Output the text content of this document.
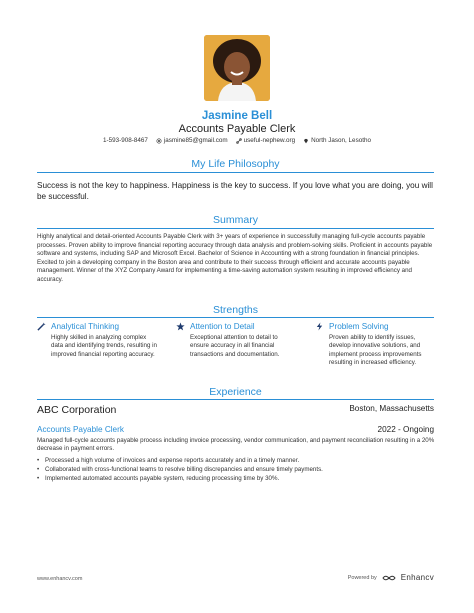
Jasmine Bell
Accounts Payable Clerk
1-593-908-8467	jasmine85@gmail.com	useful-nephew.org	North Jason, Lesotho
My Life Philosophy
Success is not the key to happiness. Happiness is the key to success. If you love what you are doing, you will be successful.
Summary
Highly analytical and detail-oriented Accounts Payable Clerk with 3+ years of experience in successfully managing full-cycle accounts payable processes. Proven ability to improve financial reporting accuracy through data analysis and problem-solving skills. Proficient in accounts payable software and systems, including SAP and Microsoft Excel. Bachelor of Science in Accounting with a strong foundation in financial principles. Excited to join a developing company in the Boston area and contribute to their success through efficient and accurate accounts payable management. Winner of the XYZ Company Award for implementing a time-saving automation system resulting in improved efficiency and accuracy.
Strengths
Analytical Thinking
Highly skilled in analyzing complex data and identifying trends, resulting in improved financial reporting accuracy.
Attention to Detail
Exceptional attention to detail to ensure accuracy in all financial transactions and documentation.
Problem Solving
Proven ability to identify issues, develop innovative solutions, and implement process improvements resulting in increased efficiency.
Experience
ABC Corporation	Boston, Massachusetts
Accounts Payable Clerk	2022 - Ongoing
Managed full-cycle accounts payable process including invoice processing, vendor communication, and payment reconciliation resulting in a 20% decrease in payment errors.
• Processed a high volume of invoices and expense reports accurately and in a timely manner.
• Collaborated with cross-functional teams to resolve billing discrepancies and ensure timely payments.
• Implemented automated accounts payable system, reducing processing time by 30%.
www.enhancv.com	Powered by	Enhancv
